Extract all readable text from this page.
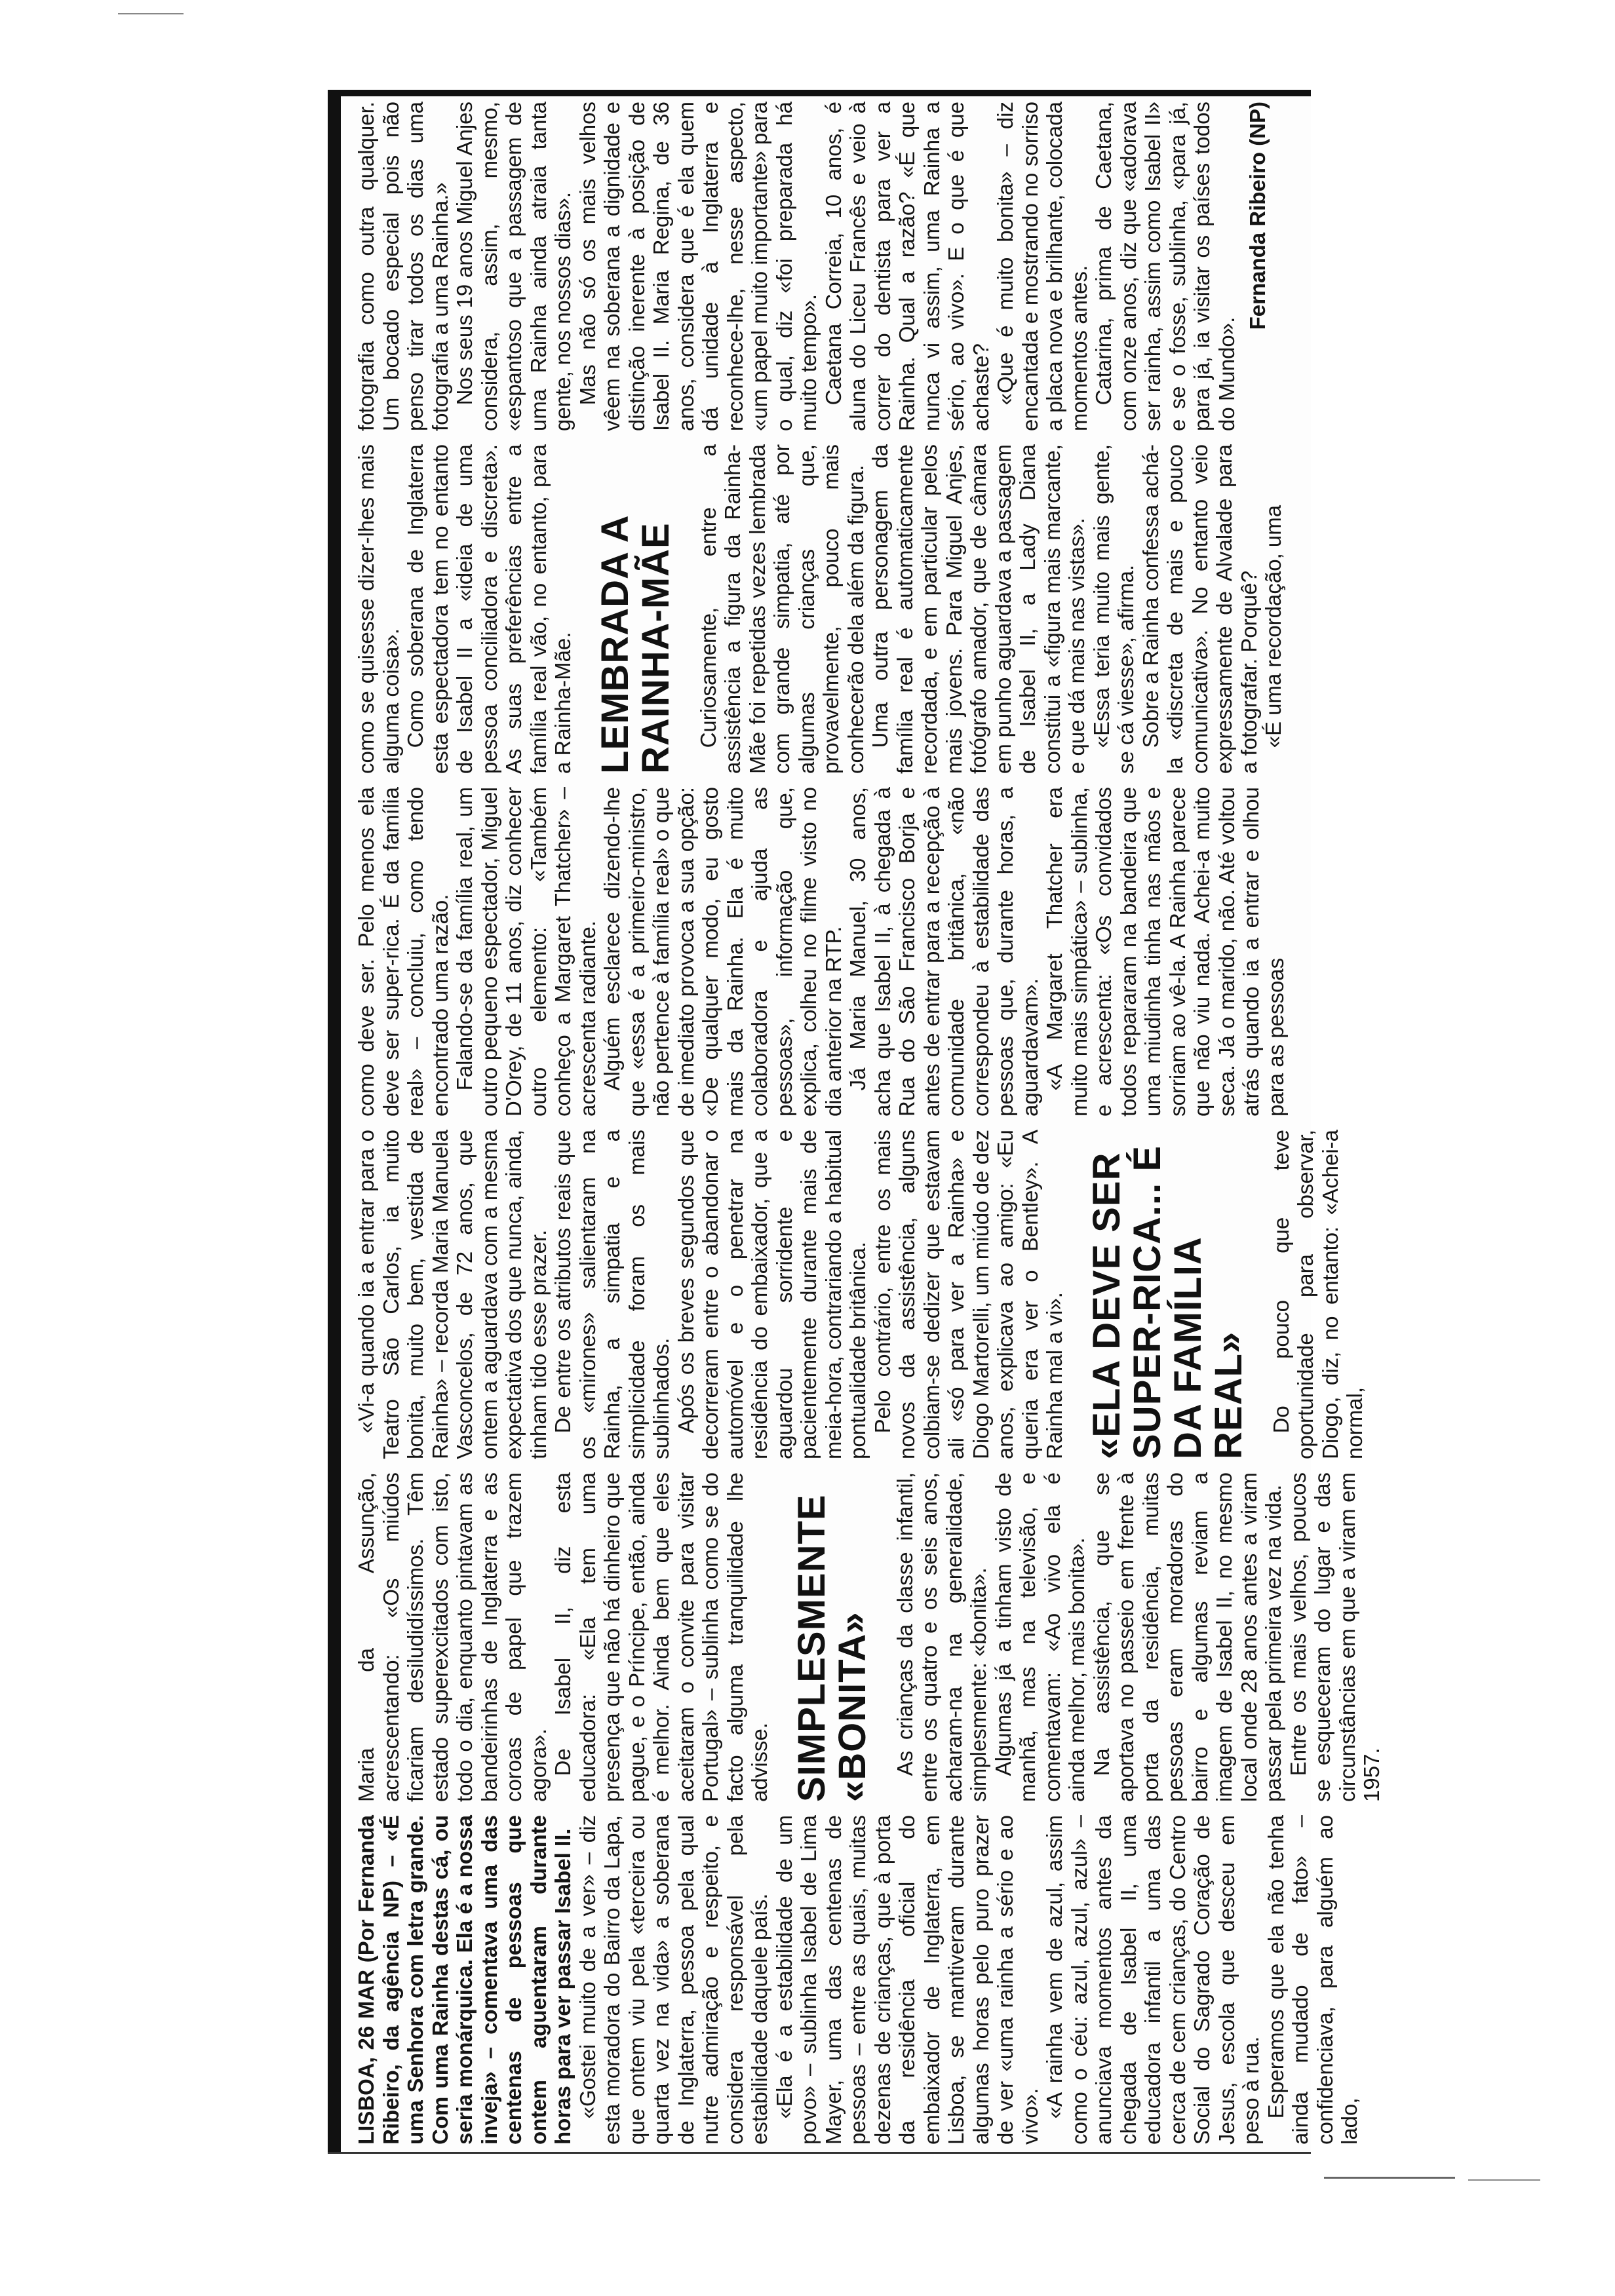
LISBOA, 26 MAR (Por Fernanda Ribeiro, da agência NP) – «É uma Senhora com letra grande. Com uma Rainha destas cá, ou seria monárquica. Ela é a nossa inveja» – comentava uma das centenas de pessoas que ontem aguentaram durante horas para ver passar Isabel II. «Gostei muito de a ver» – diz esta moradora do Bairro da Lapa, que ontem viu pela «terceira ou quarta vez na vida» a soberana de Inglaterra, pessoa pela qual nutre admiração e respeito, e considera responsável pela estabilidade daquele país. «Ela é a estabilidade de um povo» – sublinha Isabel de Lima Mayer, uma das centenas de pessoas – entre as quais, muitas dezenas de crianças, que à porta da residência oficial do embaixador de Inglaterra, em Lisboa, se mantiveram durante algumas horas pelo puro prazer de ver «uma rainha a sério e ao vivo». «A rainha vem de azul, assim como o céu: azul, azul, azul» – anunciava momentos antes da chegada de Isabel II, uma educadora infantil a uma das cerca de cem crianças, do Centro Social do Sagrado Coração de Jesus, escola que desceu em peso à rua. Esperamos que ela não tenha ainda mudado de fato» – confidenciava, para alguém ao lado,

Maria da Assunção, acrescentando: «Os miúdos ficariam desiludidíssimos. Têm estado superexcitados com isto, todo o dia, enquanto pintavam as bandeirinhas de Inglaterra e as coroas de papel que trazem agora». De Isabel II, diz esta educadora: «Ela tem uma presença que não há dinheiro que pague, e o Príncipe, então, ainda é melhor. Ainda bem que eles aceitaram o convite para visitar Portugal» – sublinha como se do facto alguma tranquilidade lhe advisse. SIMPLESMENTE «BONITA» As crianças da classe infantil, entre os quatro e os seis anos, acharam-na na generalidade, simplesmente: «bonita». Algumas já a tinham visto de manhã, mas na televisão, e comentavam: «Ao vivo ela é ainda melhor, mais bonita». Na assistência, que se aportava no passeio em frente à porta da residência, muitas pessoas eram moradoras do bairro e algumas reviam a imagem de Isabel II, no mesmo local onde 28 anos antes a viram passar pela primeira vez na vida. Entre os mais velhos, poucos se esqueceram do lugar e das circunstâncias em que a viram em 1957.

«Vi-a quando ia a entrar para o Teatro São Carlos, ia muito bonita, muito bem, vestida de Rainha» – recorda Maria Manuela Vasconcelos, de 72 anos, que ontem a aguardava com a mesma expectativa dos que nunca, ainda, tinham tido esse prazer. De entre os atributos reais que os «mirones» salientaram na Rainha, a simpatia e a simplicidade foram os mais sublinhados. Após os breves segundos que decorreram entre o abandonar o automóvel e o penetrar na residência do embaixador, que a aguardou sorridente e pacientemente durante mais de meia-hora, contrariando a habitual pontualidade britânica. Pelo contrário, entre os mais novos da assistência, alguns colbiam-se dedizer que estavam ali «só para ver a Rainha» e Diogo Martorelli, um miúdo de dez anos, explicava ao amigo: «Eu queria era ver o Bentley». A Rainha mal a vi». «ELA DEVE SER SUPER-RICA... É DA FAMÍLIA REAL» Do pouco que teve oportunidade para observar, Diogo, diz, no entanto: «Achei-a normal,

como deve ser. Pelo menos ela deve ser super-rica. É da família real» – concluiu, como tendo encontrado uma razão. Falando-se da família real, um outro pequeno espectador, Miguel D'Orey, de 11 anos, diz conhecer outro elemento: «Também conheço a Margaret Thatcher» – acrescenta radiante. Alguém esclarece dizendo-lhe que «essa é a primeiro-ministro, não pertence à família real» o que de imediato provoca a sua opção: «De qualquer modo, eu gosto mais da Rainha. Ela é muito colaboradora e ajuda as pessoas», informação que, explica, colheu no filme visto no dia anterior na RTP. Já Maria Manuel, 30 anos, acha que Isabel II, à chegada à Rua do São Francisco Borja e antes de entrar para a recepção à comunidade britânica, «não correspondeu à estabilidade das pessoas que, durante horas, a aguardavam». «A Margaret Thatcher era muito mais simpática» – sublinha, e acrescenta: «Os convidados todos repararam na bandeira que uma miudinha tinha nas mãos e sorriam ao vê-la. A Rainha parece que não viu nada. Achei-a muito seca. Já o marido, não. Até voltou atrás quando ia a entrar e olhou para as pessoas

como se quisesse dizer-lhes mais alguma coisa». Como soberana de Inglaterra esta espectadora tem no entanto de Isabel II a «ideia de uma pessoa conciliadora e discreta». As suas preferências entre a família real vão, no entanto, para a Rainha-Mãe. LEMBRADA A RAINHA-MÃE Curiosamente, entre a assistência a figura da Rainha-Mãe foi repetidas vezes lembrada com grande simpatia, até por algumas crianças que, provavelmente, pouco mais conhecerão dela além da figura. Uma outra personagem da família real é automaticamente recordada, e em particular pelos mais jovens. Para Miguel Anjes, fotógrafo amador, que de câmara em punho aguardava a passagem de Isabel II, a Lady Diana constitui a «figura mais marcante, e que dá mais nas vistas». «Essa teria muito mais gente, se cá viesse», afirma. Sobre a Rainha confessa achá-la «discreta de mais e pouco comunicativa». No entanto veio expressamente de Alvalade para a fotografar. Porquê? «É uma recordação, uma

fotografia como outra qualquer. Um bocado especial pois não penso tirar todos os dias uma fotografia a uma Rainha.» Nos seus 19 anos Miguel Anjes considera, assim, mesmo, «espantoso que a passagem de uma Rainha ainda atraia tanta gente, nos nossos dias». Mas não só os mais velhos vêem na soberana a dignidade e distinção inerente à posição de Isabel II. Maria Regina, de 36 anos, considera que é ela quem dá unidade à Inglaterra e reconhece-lhe, nesse aspecto, «um papel muito importante» para o qual, diz «foi preparada há muito tempo». Caetana Correia, 10 anos, é aluna do Liceu Francês e veio à correr do dentista para ver a Rainha. Qual a razão? «É que nunca vi assim, uma Rainha a sério, ao vivo». E o que é que achaste? «Que é muito bonita» – diz encantada e mostrando no sorriso a placa nova e brilhante, colocada momentos antes. Catarina, prima de Caetana, com onze anos, diz que «adorava ser rainha, assim como Isabel II» e se o fosse, sublinha, «para já, para já, ia visitar os países todos do Mundo».

Fernanda Ribeiro (NP)
